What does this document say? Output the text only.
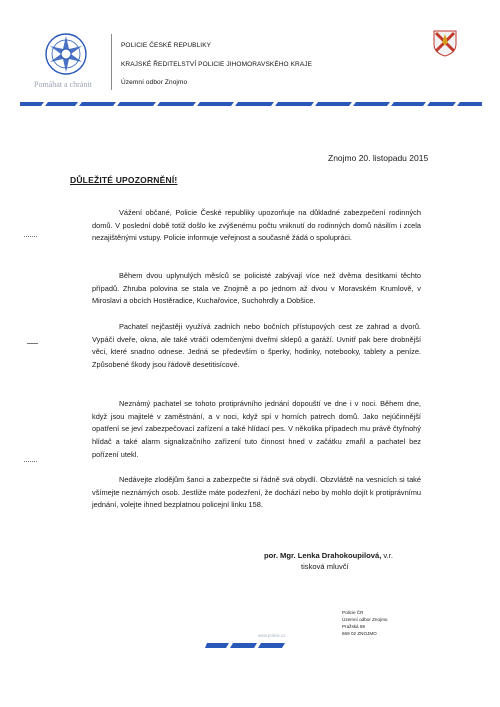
Pomáhat a chránit
POLICIE ČESKÉ REPUBLIKY
KRAJSKÉ ŘEDITELSTVÍ POLICIE JIHOMORAVSKÉHO KRAJE
Územní odbor Znojmo
Znojmo 20. listopadu 2015
DŮLEŽITÉ UPOZORNĚNÍ!
Vážení občané, Policie České republiky upozorňuje na důkladné zabezpečení rodinných domů. V poslední době totiž došlo ke zvýšenému počtu vniknutí do rodinných domů násilím i zcela nezajištěnými vstupy. Policie informuje veřejnost a současně žádá o spolupráci.
Během dvou uplynulých měsíců se policisté zabývají více než dvěma desítkami těchto případů. Zhruba polovina se stala ve Znojmě a po jednom až dvou v Moravském Krumlově, v Miroslavi a obcích Hostěradice, Kuchařovice, Suchohrdly a Dobšice.
Pachatel nejčastěji využívá zadních nebo bočních přístupových cest ze zahrad a dvorů. Vypáčí dveře, okna, ale také vtráčí odemčenými dveřmi sklepů a garáží. Uvnitř pak bere drobnější věci, které snadno odnese. Jedná se především o šperky, hodinky, notebooky, tablety a peníze. Způsobené škody jsou řádově desetitisícové.
Neznámý pachatel se tohoto protiprávního jednání dopouští ve dne i v noci. Během dne, když jsou majitelé v zaměstnání, a v noci, když spí v horních patrech domů. Jako nejúčinnější opatření se jeví zabezpečovací zařízení a také hlídací pes. V několika případech mu právě čtyřnohý hlídač a také alarm signalizačního zařízení tuto činnost hned v začátku zmařil a pachatel bez pořízení utekl.
Nedávejte zlodějům šanci a zabezpečte si řádně svá obydlí. Obzvláště na vesnicích si také všímejte neznámých osob. Jestliže máte podezření, že dochází nebo by mohlo dojít k protiprávnímu jednání, volejte ihned bezplatnou policejní linku 158.
por. Mgr. Lenka Drahokoupilová, v.r.
tisková mluvčí
Policie ČR
Územní odbor Znojmo
Pražská 59
669 02 ZNOJMO
www.policie.cz
